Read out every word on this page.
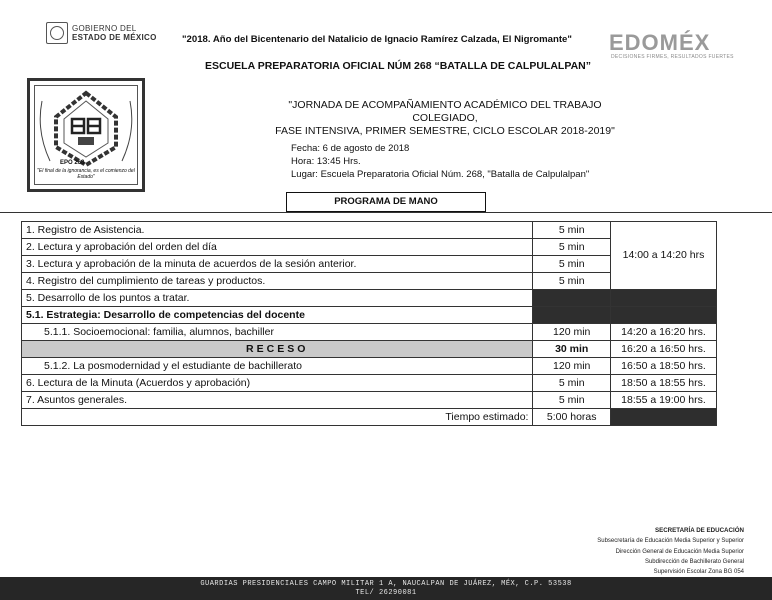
GOBIERNO DEL
ESTADO DE MÉXICO	"2018. Año del Bicentenario del Natalicio de Ignacio Ramírez Calzada, El Nigromante" EDOMÉX
DECISIONES FIRMES, RESULTADOS FUERTES
ESCUELA PREPARATORIA OFICIAL NÚM 268 “BATALLA DE CALPULALPAN”
EPO 268
"El final de la ignorancia, es el comienzo del Estado"
"JORNADA DE ACOMPAÑAMIENTO ACADÉMICO DEL TRABAJO COLEGIADO,
FASE INTENSIVA, PRIMER SEMESTRE, CICLO ESCOLAR 2018-2019"
Fecha: 6 de agosto de 2018
Hora: 13:45 Hrs.
Lugar: Escuela Preparatoria Oficial Núm. 268, "Batalla de Calpulalpan"
PROGRAMA DE MANO
1. Registro de Asistencia.	5 min	14:00 a 14:20 hrs
2. Lectura y aprobación del orden del día	5 min	
3. Lectura y aprobación de la minuta de acuerdos de la sesión anterior.	5 min	
4. Registro del cumplimiento de tareas y productos.	5 min	
5. Desarrollo de los puntos a tratar.		
5.1. Estrategia: Desarrollo de competencias del docente		
5.1.1. Socioemocional: familia, alumnos, bachiller	120 min	14:20 a 16:20 hrs.
RECESO	30 min	16:20 a 16:50 hrs.
5.1.2. La posmodernidad y el estudiante de bachillerato	120 min	16:50 a 18:50 hrs.
6. Lectura de la Minuta (Acuerdos y aprobación)	5 min	18:50 a 18:55 hrs.
7. Asuntos generales.	5 min	18:55 a 19:00 hrs.
Tiempo estimado:	5:00 horas	
SECRETARÍA DE EDUCACIÓN
Subsecretaría de Educación Media Superior y Superior
Dirección General de Educación Media Superior
Subdirección de Bachillerato General
Supervisión Escolar Zona BG 054
GUARDIAS PRESIDENCIALES CAMPO MILITAR 1 A, NAUCALPAN DE JUÁREZ, MÉX, C.P. 53538
TEL/ 26290081
